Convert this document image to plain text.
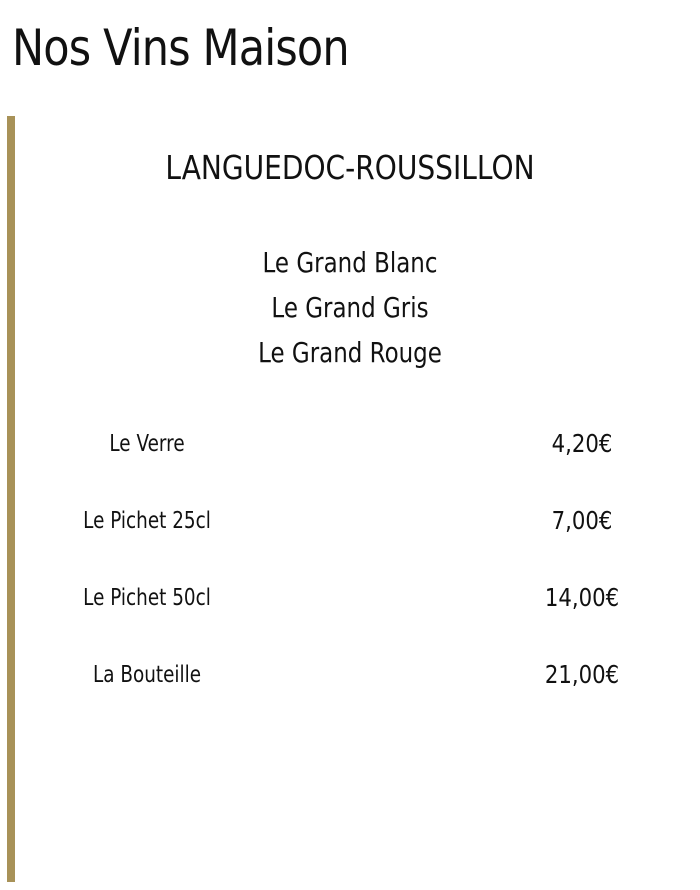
Nos Vins Maison
LANGUEDOC-ROUSSILLON
Le Grand Blanc
Le Grand Gris
Le Grand Rouge
Le Verre	4,20€
Le Pichet 25cl	7,00€
Le Pichet 50cl	14,00€
La Bouteille	21,00€
